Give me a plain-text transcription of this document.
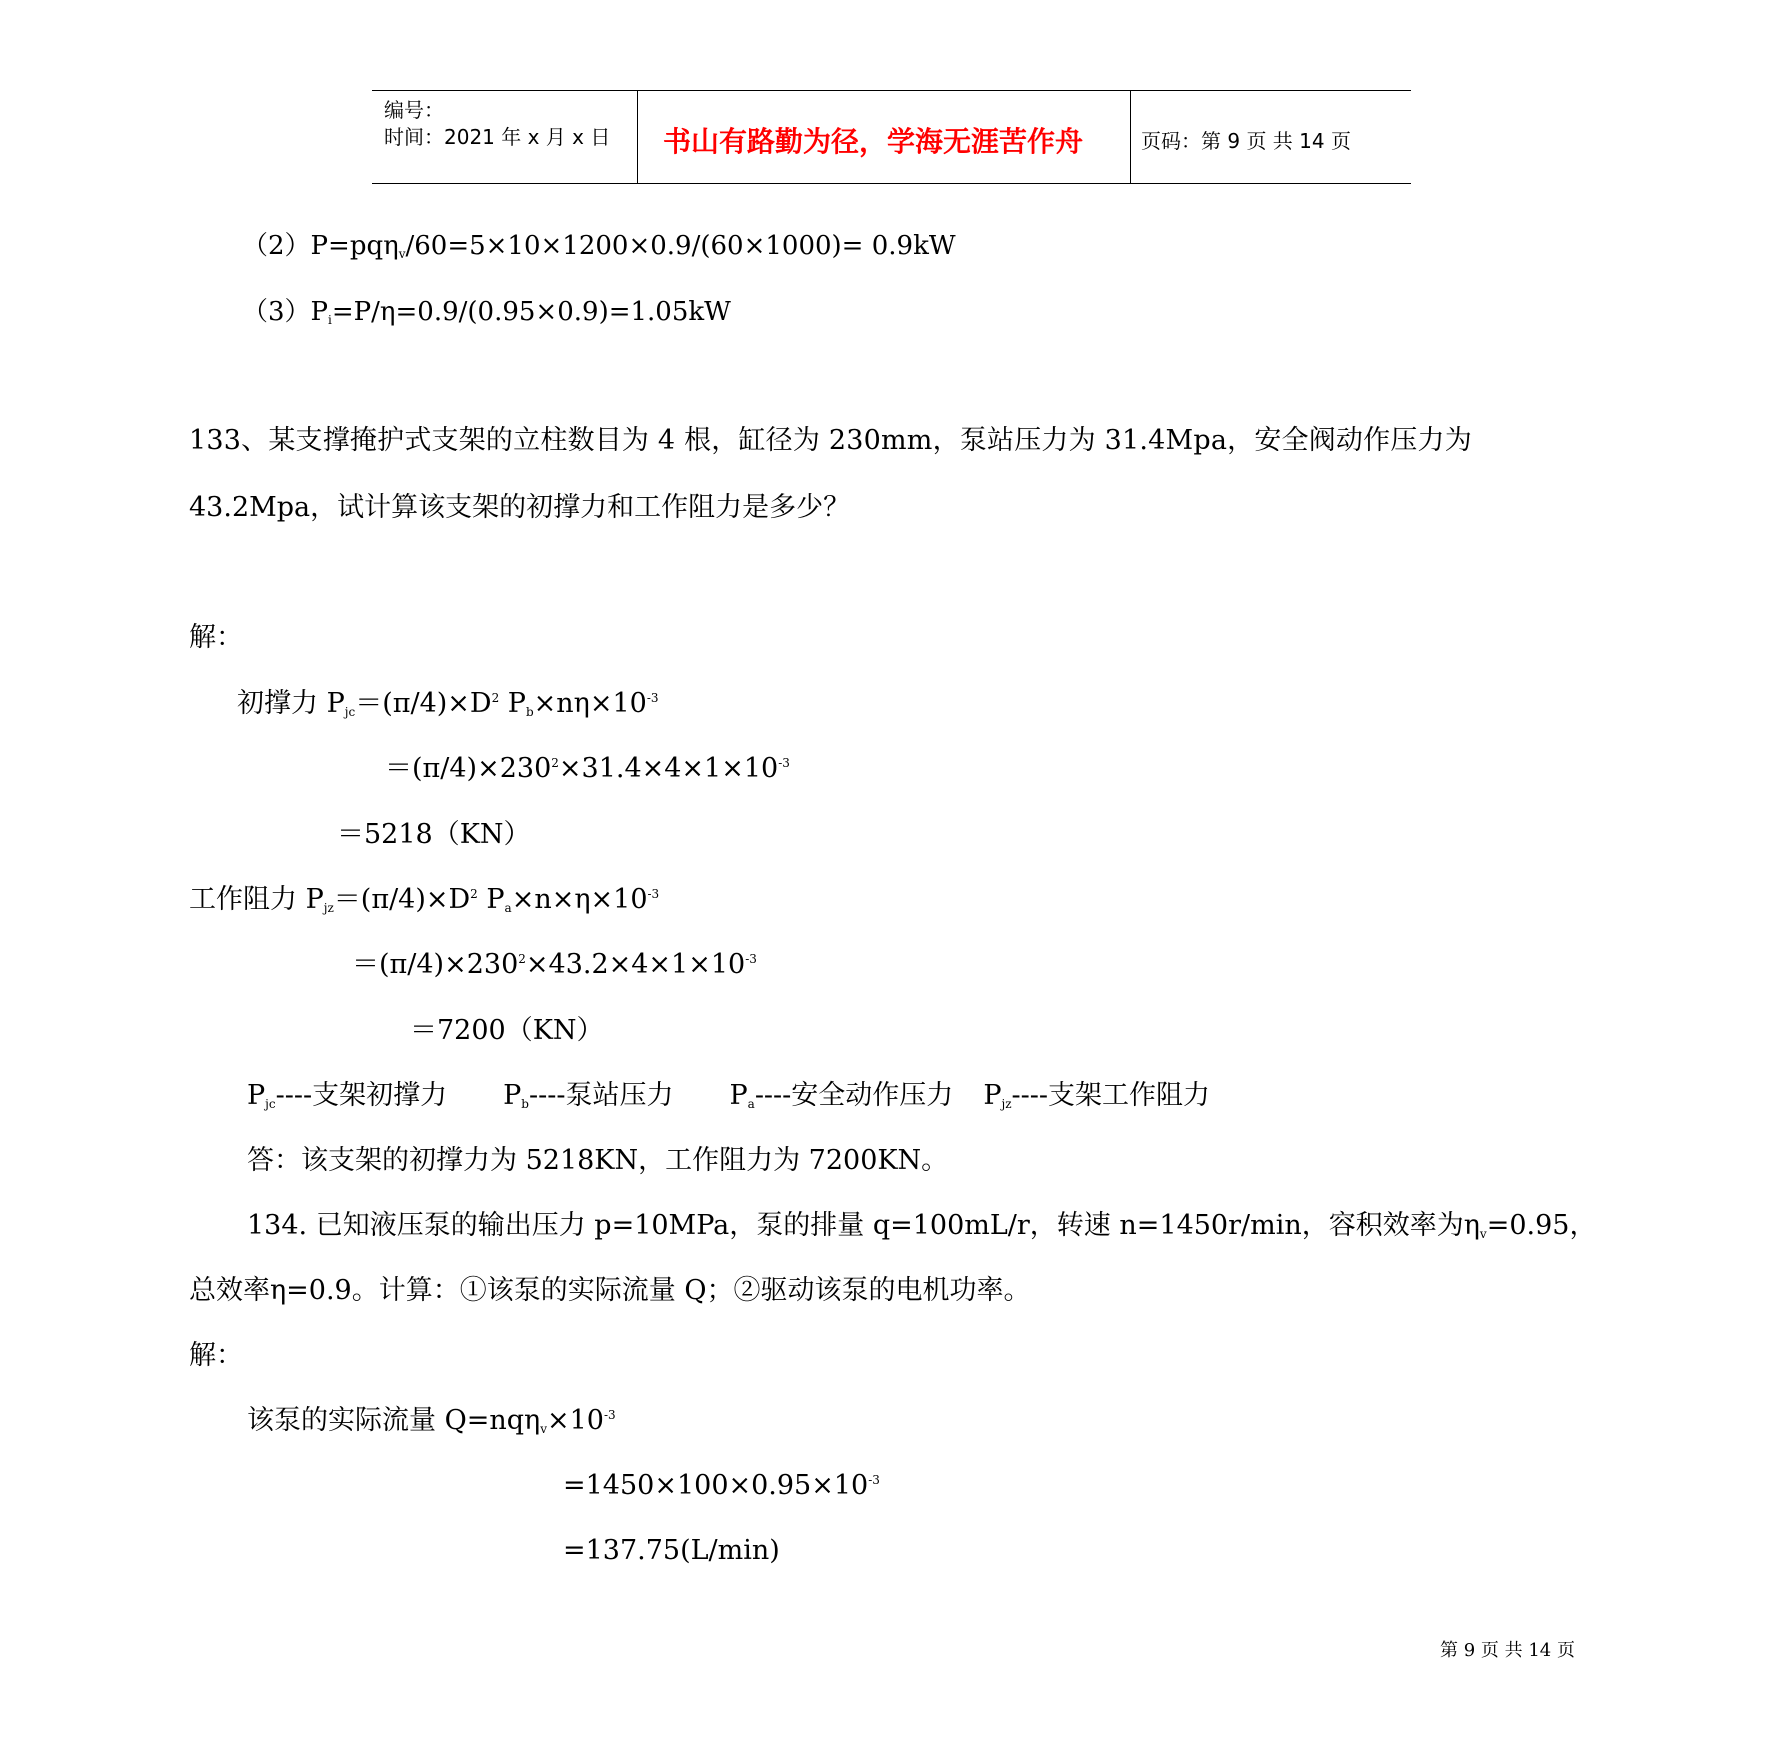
编号：
时间：2021 年 x 月 x 日 书山有路勤为径，学海无涯苦作舟	页码：第 9 页 共 14 页
（2）P=pqη$_v$/60=5×10×1200×0.9/(60×1000)= 0.9kW
$(3)P_i=P/\eta=0.9/(0.95\times 0.9)=1.05kW$
133、某支撑掩护式支架的立柱数目为 4 根，缸径为 230mm，泵站压力为 31.4Mpa，安全阀动作压力为
43.2Mpa，试计算该支架的初撑力和工作阻力是多少？
解：
初撑力 $P_{jc}=(\pi/4)\times D^2$ $P_b\times n\eta\times 10^{-3}$
$=(\pi/4)\times 230^2\times 31.4\times 4\times 1\times 10^{-3}$
＝5218（KN）
工作阻力 $P_{jz}=(\pi/4)\times D^2$ $P_a\times n\times\eta\times 10^{-3}$
$=(\pi/4)\times 230^2\times 43.2\times 4\times 1\times 10^{-3}$
＝7200（KN）
$P_{jc}----$支架初撑力 $P_b----$泵站压力 $P_a----$安全动作压力 $P_{jz}----$支架工作阻力
答：该支架的初撑力为 5218KN，工作阻力为 7200KN。
134. 已知液压泵的输出压力 p=10MPa，泵的排量 q=100mL/r，转速 n=1450r/min，容积效率为$\eta_v=0.95$，
总效率η=0.9。计算：①该泵的实际流量 Q；②驱动该泵的电机功率。
解：
该泵的实际流量 $Q=nq\eta_v\times 10^{-3}$
$=1450\times 100\times 0.95\times 10^{-3}$
=137.75(L/min)
第 9 页 共 14 页
